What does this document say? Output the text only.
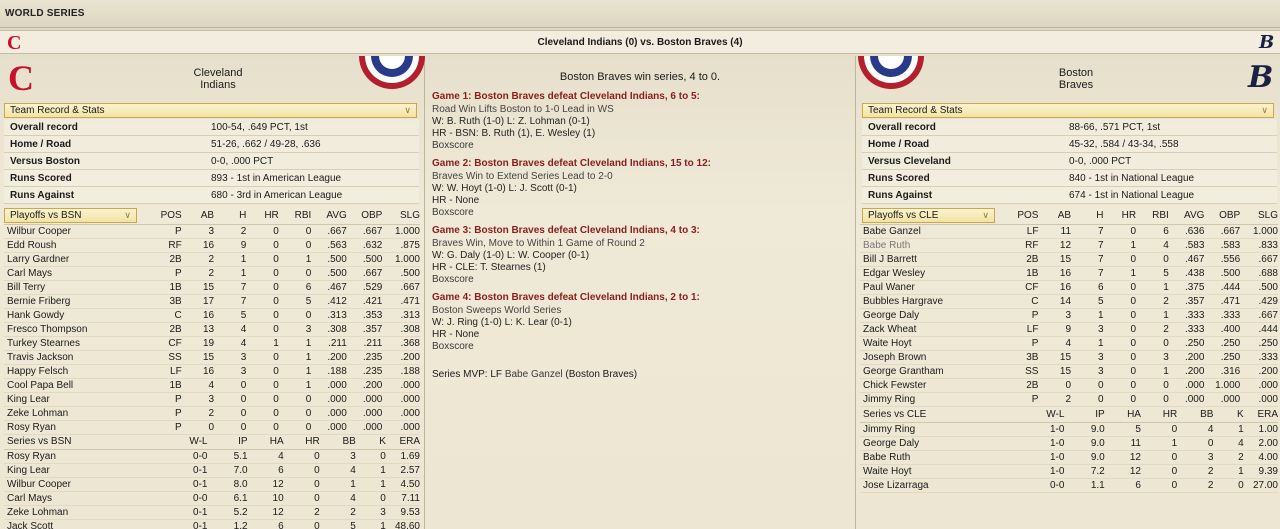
WORLD SERIES
C	Cleveland Indians (0) vs. Boston Braves (4)	B
C	Cleveland
Indians
Team Record & Stats	∨
Overall record	100-54, .649 PCT, 1st
Home / Road	51-26, .662 / 49-28, .636
Versus Boston	0-0, .000 PCT
Runs Scored	893 - 1st in American League
Runs Against	680 - 3rd in American League
Playoffs vs BSN	∨
		POS	AB	H	HR	RBI	AVG	OBP	SLG
Wilbur Cooper	P	3	2	0	0	.667	.667	1.000
Edd Roush	RF	16	9	0	0	.563	.632	.875
Larry Gardner	2B	2	1	0	1	.500	.500	1.000
Carl Mays	P	2	1	0	0	.500	.667	.500
Bill Terry	1B	15	7	0	6	.467	.529	.667
Bernie Friberg	3B	17	7	0	5	.412	.421	.471
Hank Gowdy	C	16	5	0	0	.313	.353	.313
Fresco Thompson	2B	13	4	0	3	.308	.357	.308
Turkey Stearnes	CF	19	4	1	1	.211	.211	.368
Travis Jackson	SS	15	3	0	1	.200	.235	.200
Happy Felsch	LF	16	3	0	1	.188	.235	.188
Cool Papa Bell	1B	4	0	0	1	.000	.200	.000
King Lear	P	3	0	0	0	.000	.000	.000
Zeke Lohman	P	2	0	0	0	.000	.000	.000
Rosy Ryan	P	0	0	0	0	.000	.000	.000
Series vs BSN	W-L	IP	HA	HR	BB	K	ERA
Rosy Ryan	0-0	5.1	4	0	3	0	1.69
King Lear	0-1	7.0	6	0	4	1	2.57
Wilbur Cooper	0-1	8.0	12	0	1	1	4.50
Carl Mays	0-0	6.1	10	0	4	0	7.11
Zeke Lohman	0-1	5.2	12	2	2	3	9.53
Jack Scott	0-1	1.2	6	0	5	1	48.60
Boston Braves win series, 4 to 0.
Game 1: Boston Braves defeat Cleveland Indians, 6 to 5:
Road Win Lifts Boston to 1-0 Lead in WS
W: B. Ruth (1-0) L: Z. Lohman (0-1)
HR - BSN: B. Ruth (1), E. Wesley (1)
Boxscore
Game 2: Boston Braves defeat Cleveland Indians, 15 to 12:
Braves Win to Extend Series Lead to 2-0
W: W. Hoyt (1-0) L: J. Scott (0-1)
HR - None
Boxscore
Game 3: Boston Braves defeat Cleveland Indians, 4 to 3:
Braves Win, Move to Within 1 Game of Round 2
W: G. Daly (1-0) L: W. Cooper (0-1)
HR - CLE: T. Stearnes (1)
Boxscore
Game 4: Boston Braves defeat Cleveland Indians, 2 to 1:
Boston Sweeps World Series
W: J. Ring (1-0) L: K. Lear (0-1)
HR - None
Boxscore
Series MVP: LF Babe Ganzel (Boston Braves)
Boston
Braves	B
Team Record & Stats	∨
Overall record	88-66, .571 PCT, 1st
Home / Road	45-32, .584 / 43-34, .558
Versus Cleveland	0-0, .000 PCT
Runs Scored	840 - 1st in National League
Runs Against	674 - 1st in National League
Playoffs vs CLE	∨
		POS	AB	H	HR	RBI	AVG	OBP	SLG
Babe Ganzel	LF	11	7	0	6	.636	.667	1.000
Babe Ruth	RF	12	7	1	4	.583	.583	.833
Bill J Barrett	2B	15	7	0	0	.467	.556	.667
Edgar Wesley	1B	16	7	1	5	.438	.500	.688
Paul Waner	CF	16	6	0	1	.375	.444	.500
Bubbles Hargrave	C	14	5	0	2	.357	.471	.429
George Daly	P	3	1	0	1	.333	.333	.667
Zack Wheat	LF	9	3	0	2	.333	.400	.444
Waite Hoyt	P	4	1	0	0	.250	.250	.250
Joseph Brown	3B	15	3	0	3	.200	.250	.333
George Grantham	SS	15	3	0	1	.200	.316	.200
Chick Fewster	2B	0	0	0	0	.000	1.000	.000
Jimmy Ring	P	2	0	0	0	.000	.000	.000
Series vs CLE	W-L	IP	HA	HR	BB	K	ERA
Jimmy Ring	1-0	9.0	5	0	4	1	1.00
George Daly	1-0	9.0	11	1	0	4	2.00
Babe Ruth	1-0	9.0	12	0	3	2	4.00
Waite Hoyt	1-0	7.2	12	0	2	1	9.39
Jose Lizarraga	0-0	1.1	6	0	2	0	27.00
